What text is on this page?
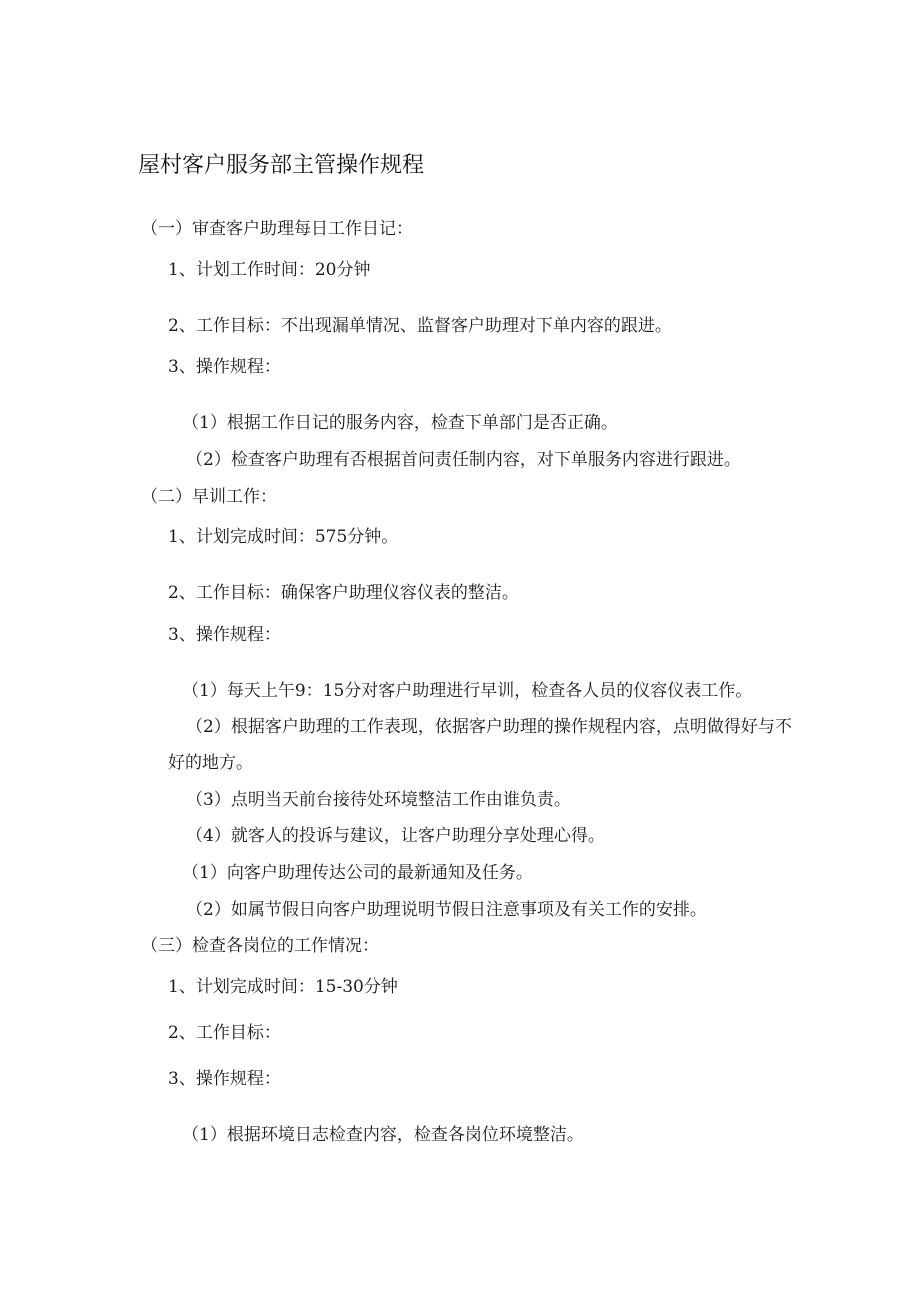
屋村客户服务部主管操作规程
（一）审查客户助理每日工作日记：
1、计划工作时间：20分钟
2、工作目标：不出现漏单情况、监督客户助理对下单内容的跟进。
3、操作规程：
（1）根据工作日记的服务内容，检查下单部门是否正确。
（2）检查客户助理有否根据首问责任制内容，对下单服务内容进行跟进。
（二）早训工作：
1、计划完成时间：575分钟。
2、工作目标：确保客户助理仪容仪表的整洁。
3、操作规程：
（1）每天上午9：15分对客户助理进行早训，检查各人员的仪容仪表工作。
（2）根据客户助理的工作表现，依据客户助理的操作规程内容，点明做得好与不
好的地方。
（3）点明当天前台接待处环境整洁工作由谁负责。
（4）就客人的投诉与建议，让客户助理分享处理心得。
（1）向客户助理传达公司的最新通知及任务。
（2）如属节假日向客户助理说明节假日注意事项及有关工作的安排。
（三）检查各岗位的工作情况：
1、计划完成时间：15-30分钟
2、工作目标：
3、操作规程：
（1）根据环境日志检查内容，检查各岗位环境整洁。
